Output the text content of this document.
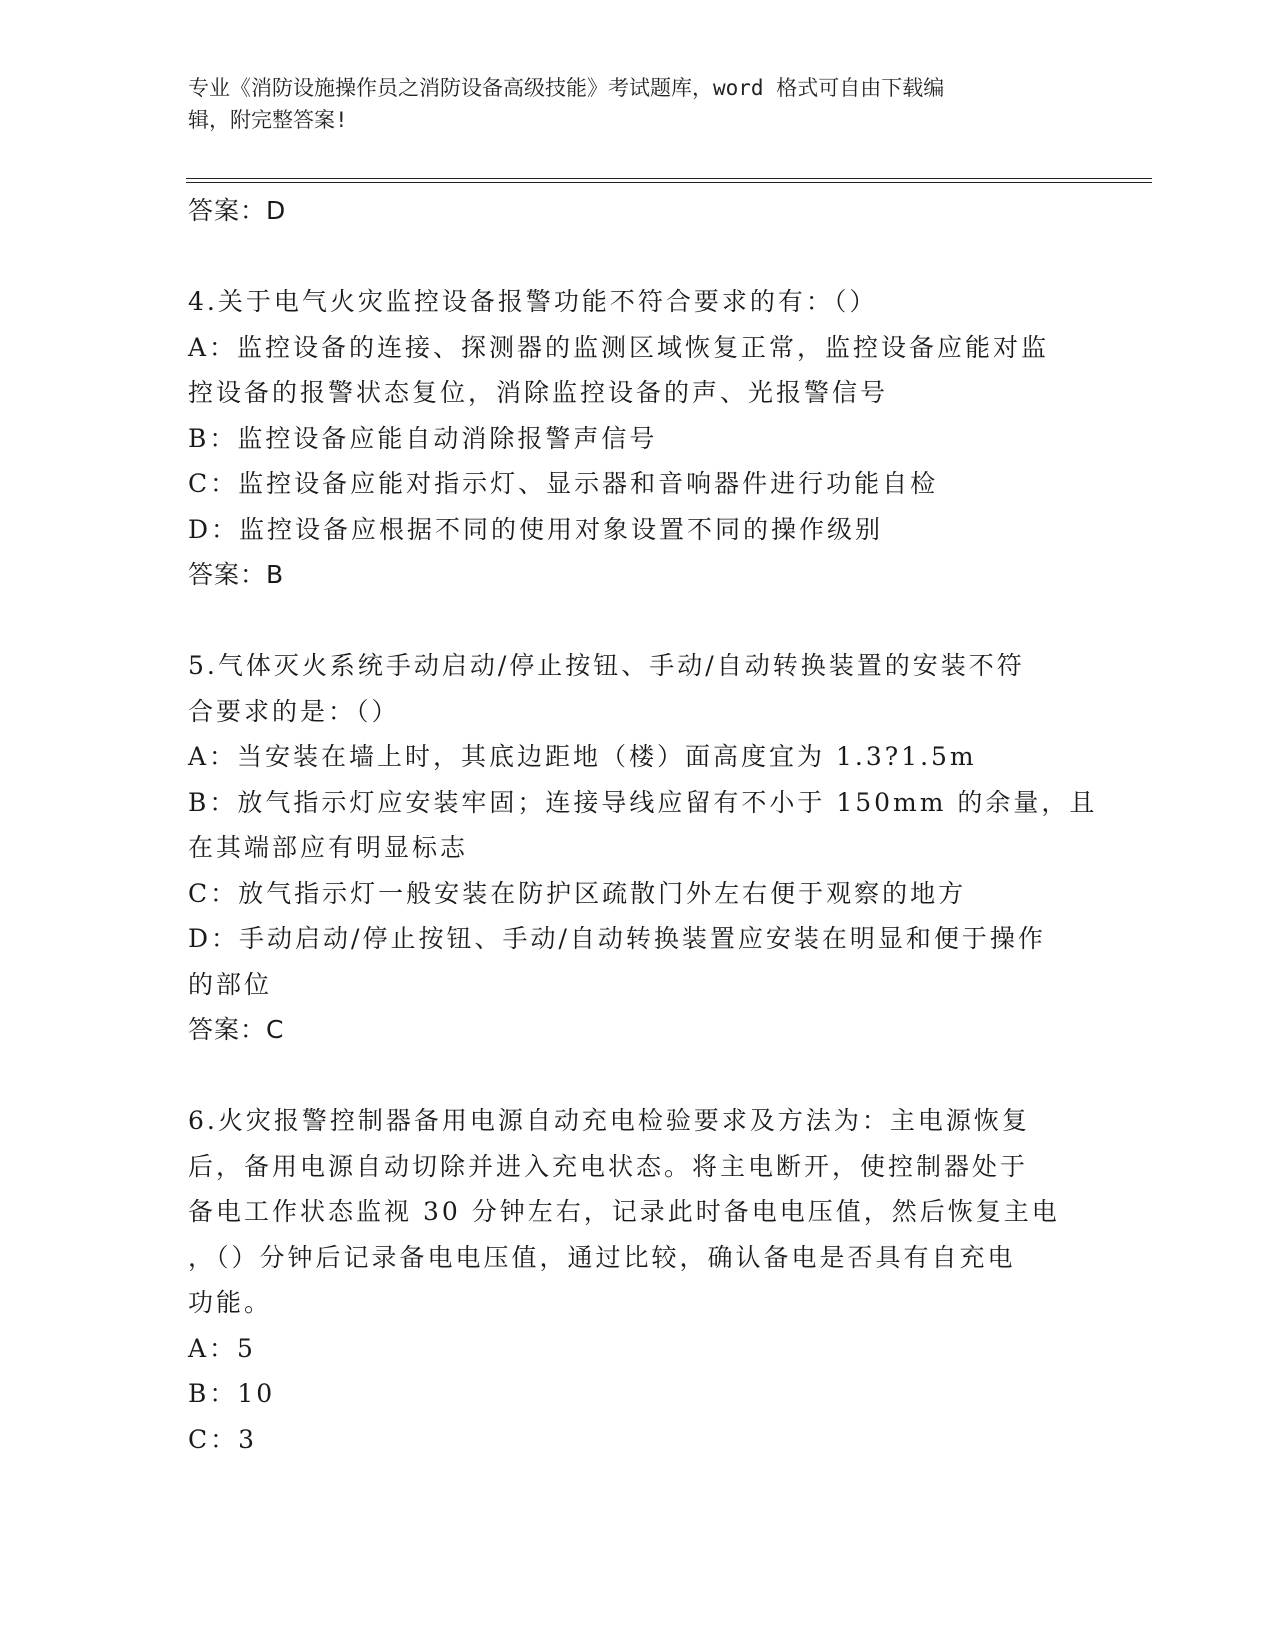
专业《消防设施操作员之消防设备高级技能》考试题库，word 格式可自由下载编
辑，附完整答案!
答案：D
4.关于电气火灾监控设备报警功能不符合要求的有：（）
A：监控设备的连接、探测器的监测区域恢复正常，监控设备应能对监
控设备的报警状态复位，消除监控设备的声、光报警信号
B：监控设备应能自动消除报警声信号
C：监控设备应能对指示灯、显示器和音响器件进行功能自检
D：监控设备应根据不同的使用对象设置不同的操作级别
答案：B
5.气体灭火系统手动启动/停止按钮、手动/自动转换装置的安装不符
合要求的是：（）
A：当安装在墙上时，其底边距地（楼）面高度宜为 1.3?1.5m
B：放气指示灯应安装牢固；连接导线应留有不小于 150mm 的余量，且
在其端部应有明显标志
C：放气指示灯一般安装在防护区疏散门外左右便于观察的地方
D：手动启动/停止按钮、手动/自动转换装置应安装在明显和便于操作
的部位
答案：C
6.火灾报警控制器备用电源自动充电检验要求及方法为：主电源恢复
后，备用电源自动切除并进入充电状态。将主电断开，使控制器处于
备电工作状态监视 30 分钟左右，记录此时备电电压值，然后恢复主电
，（）分钟后记录备电电压值，通过比较，确认备电是否具有自充电
功能。
A：5
B：10
C：3
